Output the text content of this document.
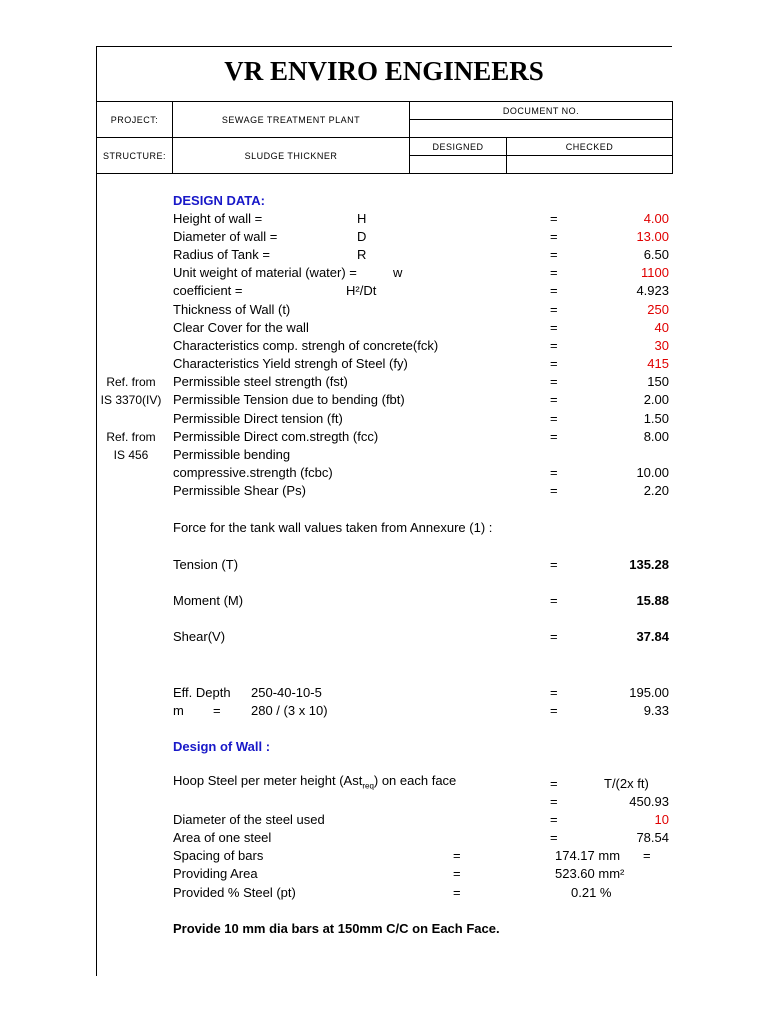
VR ENVIRO ENGINEERS
PROJECT:	SEWAGE TREATMENT PLANT	DOCUMENT NO.	

STRUCTURE:	SLUDGE THICKNER	DESIGNED	CHECKED

DESIGN DATA:
Height of wall =	H	=	4.00
Diameter of wall =	D	=	13.00
Radius of Tank =	R	=	6.50
Unit weight of material (water) =	w	=	1100
coefficient =	H²/Dt	=	4.923
Thickness of Wall (t)	=	250
Clear Cover for the wall	=	40
Characteristics comp. strengh of concrete(fck)	=	30
Characteristics Yield strengh of Steel (fy)	=	415
Ref. from	Permissible steel strength (fst)	=	150
IS 3370(IV) Permissible Tension due to bending (fbt)	=	2.00
Permissible Direct tension (ft)	=	1.50
Ref. from	Permissible Direct com.stregth (fcc)	=	8.00
IS 456	Permissible bending
compressive.strength (fcbc)	=	10.00
Permissible Shear (Ps)	=	2.20
Force for the tank wall values taken from Annexure (1) :
Tension (T)	=	135.28
Moment (M)	=	15.88
Shear(V)	=	37.84
Eff. Depth 250-40-10-5	=	195.00
m = 280 / (3 x 10)	=	9.33
Design of Wall :
Hoop Steel per meter height (Ast$_{req}$) on each face	=	T/(2x ft)
=	450.93
Diameter of the steel used	=	10
Area of one steel	=	78.54
Spacing of bars	=	174.17 mm =
Providing Area	=	523.60 mm²
Provided % Steel (pt)	=	0.21 %
Provide 10 mm dia bars at 150mm C/C on Each Face.
